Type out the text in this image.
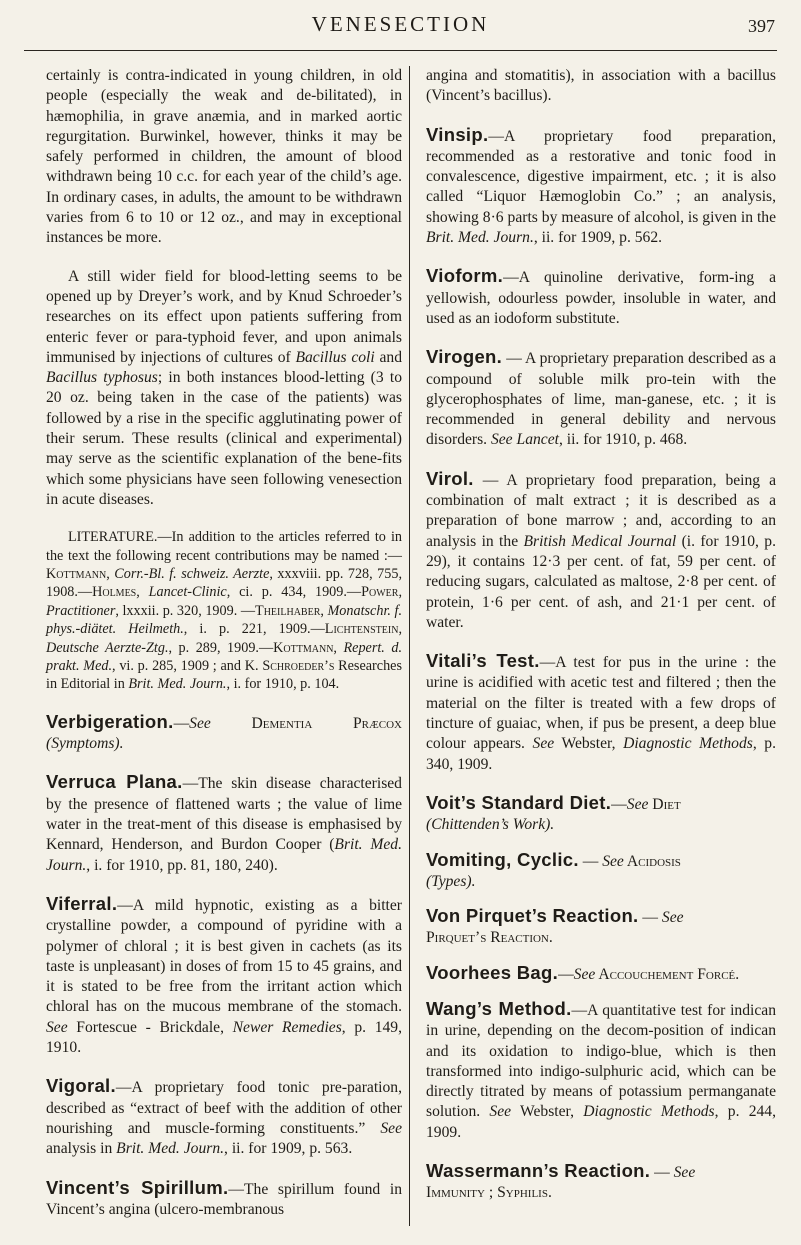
VENESECTION	397

certainly is contra-indicated in young children, in old people (especially the weak and de-bilitated), in hæmophilia, in grave anæmia, and in marked aortic regurgitation. Burwinkel, however, thinks it may be safely performed in children, the amount of blood withdrawn being 10 c.c. for each year of the child’s age. In ordinary cases, in adults, the amount to be withdrawn varies from 6 to 10 or 12 oz., and may in exceptional instances be more.

A still wider field for blood-letting seems to be opened up by Dreyer’s work, and by Knud Schroeder’s researches on its effect upon patients suffering from enteric fever or para-typhoid fever, and upon animals immunised by injections of cultures of Bacillus coli and Bacillus typhosus; in both instances blood-letting (3 to 20 oz. being taken in the case of the patients) was followed by a rise in the specific agglutinating power of their serum. These results (clinical and experimental) may serve as the scientific explanation of the bene-fits which some physicians have seen following venesection in acute diseases.

LITERATURE.—In addition to the articles referred to in the text the following recent contributions may be named :—Kottmann, Corr.-Bl. f. schweiz. Aerzte, xxxviii. pp. 728, 755, 1908.—Holmes, Lancet-Clinic, ci. p. 434, 1909.—Power, Practitioner, lxxxii. p. 320, 1909. —Theilhaber, Monatschr. f. phys.-diätet. Heilmeth., i. p. 221, 1909.—Lichtenstein, Deutsche Aerzte-Ztg., p. 289, 1909.—Kottmann, Repert. d. prakt. Med., vi. p. 285, 1909 ; and K. Schroeder’s Researches in Editorial in Brit. Med. Journ., i. for 1910, p. 104.

Verbigeration.—See Dementia Præcox (Symptoms).

Verruca Plana.—The skin disease characterised by the presence of flattened warts ; the value of lime water in the treat-ment of this disease is emphasised by Kennard, Henderson, and Burdon Cooper (Brit. Med. Journ., i. for 1910, pp. 81, 180, 240).

Viferral.—A mild hypnotic, existing as a bitter crystalline powder, a compound of pyridine with a polymer of chloral ; it is best given in cachets (as its taste is unpleasant) in doses of from 15 to 45 grains, and it is stated to be free from the irritant action which chloral has on the mucous membrane of the stomach. See Fortescue - Brickdale, Newer Remedies, p. 149, 1910.

Vigoral.—A proprietary food tonic pre-paration, described as “extract of beef with the addition of other nourishing and muscle-forming constituents.” See analysis in Brit. Med. Journ., ii. for 1909, p. 563.

Vincent’s Spirillum.—The spirillum found in Vincent’s angina (ulcero-membranous

angina and stomatitis), in association with a bacillus (Vincent’s bacillus).

Vinsip.—A proprietary food preparation, recommended as a restorative and tonic food in convalescence, digestive impairment, etc. ; it is also called “Liquor Hæmoglobin Co.” ; an analysis, showing 8·6 parts by measure of alcohol, is given in the Brit. Med. Journ., ii. for 1909, p. 562.

Vioform.—A quinoline derivative, form-ing a yellowish, odourless powder, insoluble in water, and used as an iodoform substitute.

Virogen. — A proprietary preparation described as a compound of soluble milk pro-tein with the glycerophosphates of lime, man-ganese, etc. ; it is recommended in general debility and nervous disorders. See Lancet, ii. for 1910, p. 468.

Virol. — A proprietary food preparation, being a combination of malt extract ; it is described as a preparation of bone marrow ; and, according to an analysis in the British Medical Journal (i. for 1910, p. 29), it contains 12·3 per cent. of fat, 59 per cent. of reducing sugars, calculated as maltose, 2·8 per cent. of protein, 1·6 per cent. of ash, and 21·1 per cent. of water.

Vitali’s Test.—A test for pus in the urine : the urine is acidified with acetic test and filtered ; then the material on the filter is treated with a few drops of tincture of guaiac, when, if pus be present, a deep blue colour appears. See Webster, Diagnostic Methods, p. 340, 1909.

Voit’s Standard Diet.—See Diet
(Chittenden’s Work).

Vomiting, Cyclic. — See Acidosis
(Types).

Von Pirquet’s Reaction. — See
Pirquet’s Reaction.

Voorhees Bag.—See Accouchement Forcé.

Wang’s Method.—A quantitative test for indican in urine, depending on the decom-position of indican and its oxidation to indigo-blue, which is then transformed into indigo-sulphuric acid, which can be directly titrated by means of potassium permanganate solution. See Webster, Diagnostic Methods, p. 244, 1909.

Wassermann’s Reaction. — See
Immunity ; Syphilis.
